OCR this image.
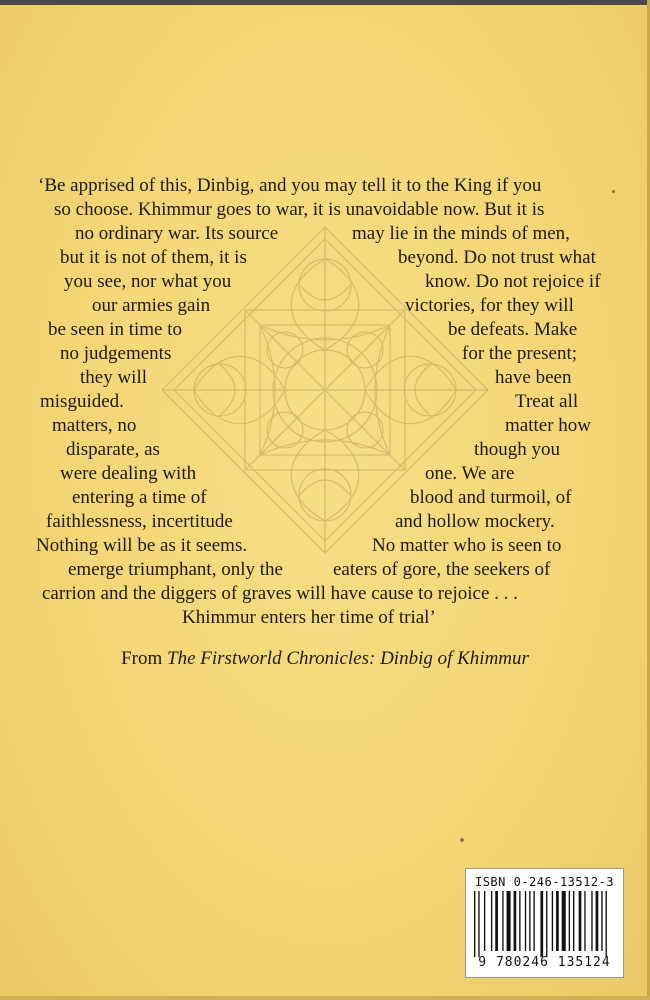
‘Be apprised of this, Dinbig, and you may tell it to the King if you
so choose. Khimmur goes to war, it is unavoidable now. But it is
no ordinary war. Its source	may lie in the minds of men,
but it is not of them, it is	beyond. Do not trust what
you see, nor what you	know. Do not rejoice if
our armies gain	victories, for they will
be seen in time to	be defeats. Make
no judgements	for the present;
they will	have been
misguided.	Treat all
matters, no	matter how
disparate, as	though you
were dealing with	one. We are
entering a time of	blood and turmoil, of
faithlessness, incertitude	and hollow mockery.
Nothing will be as it seems.	No matter who is seen to
emerge triumphant, only the	eaters of gore, the seekers of
carrion and the diggers of graves will have cause to rejoice . . .
Khimmur enters her time of trial’
From The Firstworld Chronicles: Dinbig of Khimmur
ISBN 0-246-13512-3
9 780246 135124
